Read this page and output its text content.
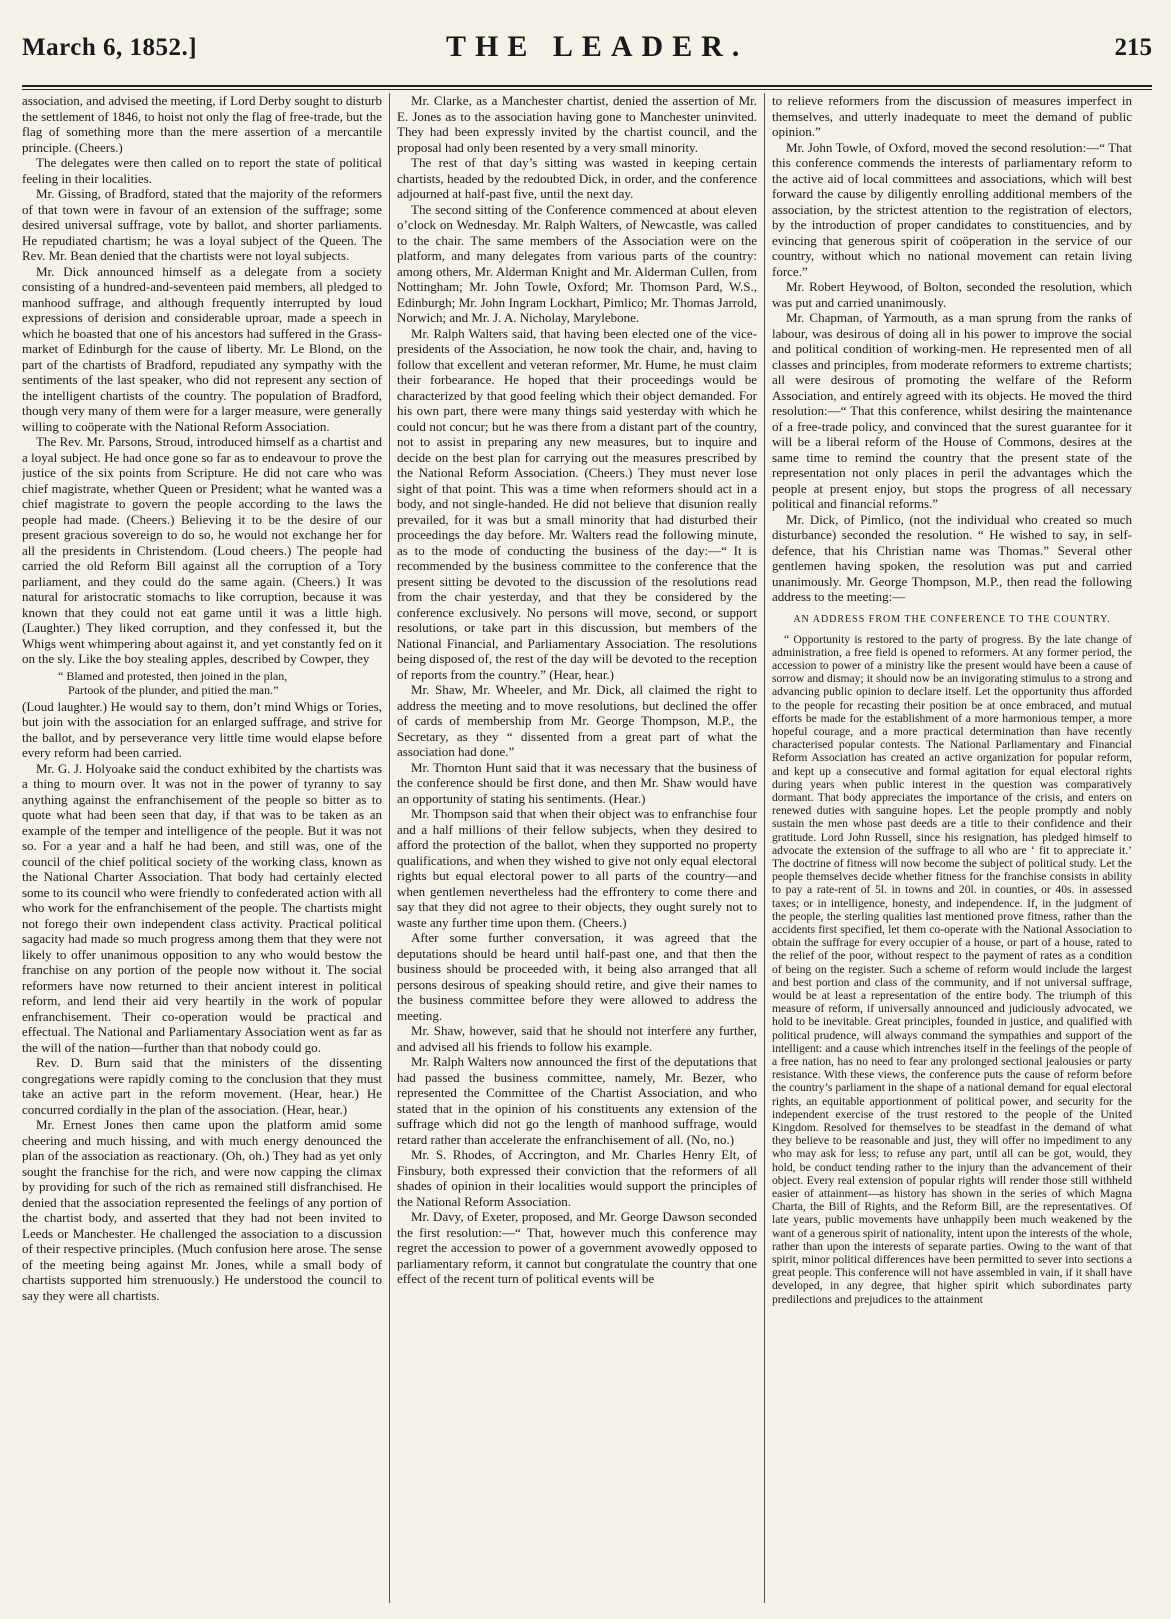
March 6, 1852.]	THE LEADER.	215

association, and advised the meeting, if Lord Derby sought to disturb the settlement of 1846, to hoist not only the flag of free-trade, but the flag of something more than the mere assertion of a mercantile principle. (Cheers.)

The delegates were then called on to report the state of political feeling in their localities.

Mr. Gissing, of Bradford, stated that the majority of the reformers of that town were in favour of an extension of the suffrage; some desired universal suffrage, vote by ballot, and shorter parliaments. He repudiated chartism; he was a loyal subject of the Queen. The Rev. Mr. Bean denied that the chartists were not loyal subjects.

Mr. Dick announced himself as a delegate from a society consisting of a hundred-and-seventeen paid members, all pledged to manhood suffrage, and although frequently interrupted by loud expressions of derision and considerable uproar, made a speech in which he boasted that one of his ancestors had suffered in the Grass-market of Edinburgh for the cause of liberty. Mr. Le Blond, on the part of the chartists of Bradford, repudiated any sympathy with the sentiments of the last speaker, who did not represent any section of the intelligent chartists of the country. The population of Bradford, though very many of them were for a larger measure, were generally willing to coöperate with the National Reform Association.

The Rev. Mr. Parsons, Stroud, introduced himself as a chartist and a loyal subject. He had once gone so far as to endeavour to prove the justice of the six points from Scripture. He did not care who was chief magistrate, whether Queen or President; what he wanted was a chief magistrate to govern the people according to the laws the people had made. (Cheers.) Believing it to be the desire of our present gracious sovereign to do so, he would not exchange her for all the presidents in Christendom. (Loud cheers.) The people had carried the old Reform Bill against all the corruption of a Tory parliament, and they could do the same again. (Cheers.) It was natural for aristocratic stomachs to like corruption, because it was known that they could not eat game until it was a little high. (Laughter.) They liked corruption, and they confessed it, but the Whigs went whimpering about against it, and yet constantly fed on it on the sly. Like the boy stealing apples, described by Cowper, they

“ Blamed and protested, then joined in the plan,
Partook of the plunder, and pitied the man.”

(Loud laughter.) He would say to them, don’t mind Whigs or Tories, but join with the association for an enlarged suffrage, and strive for the ballot, and by perseverance very little time would elapse before every reform had been carried.

Mr. G. J. Holyoake said the conduct exhibited by the chartists was a thing to mourn over. It was not in the power of tyranny to say anything against the enfranchisement of the people so bitter as to quote what had been seen that day, if that was to be taken as an example of the temper and intelligence of the people. But it was not so. For a year and a half he had been, and still was, one of the council of the chief political society of the working class, known as the National Charter Association. That body had certainly elected some to its council who were friendly to confederated action with all who work for the enfranchisement of the people. The chartists might not forego their own independent class activity. Practical political sagacity had made so much progress among them that they were not likely to offer unanimous opposition to any who would bestow the franchise on any portion of the people now without it. The social reformers have now returned to their ancient interest in political reform, and lend their aid very heartily in the work of popular enfranchisement. Their co-operation would be practical and effectual. The National and Parliamentary Association went as far as the will of the nation—further than that nobody could go.

Rev. D. Burn said that the ministers of the dissenting congregations were rapidly coming to the conclusion that they must take an active part in the reform movement. (Hear, hear.) He concurred cordially in the plan of the association. (Hear, hear.)

Mr. Ernest Jones then came upon the platform amid some cheering and much hissing, and with much energy denounced the plan of the association as reactionary. (Oh, oh.) They had as yet only sought the franchise for the rich, and were now capping the climax by providing for such of the rich as remained still disfranchised. He denied that the association represented the feelings of any portion of the chartist body, and asserted that they had not been invited to Leeds or Manchester. He challenged the association to a discussion of their respective principles. (Much confusion here arose. The sense of the meeting being against Mr. Jones, while a small body of chartists supported him strenuously.) He understood the council to say they were all chartists.

Mr. Clarke, as a Manchester chartist, denied the assertion of Mr. E. Jones as to the association having gone to Manchester uninvited. They had been expressly invited by the chartist council, and the proposal had only been resented by a very small minority.

The rest of that day’s sitting was wasted in keeping certain chartists, headed by the redoubted Dick, in order, and the conference adjourned at half-past five, until the next day.

The second sitting of the Conference commenced at about eleven o’clock on Wednesday. Mr. Ralph Walters, of Newcastle, was called to the chair. The same members of the Association were on the platform, and many delegates from various parts of the country: among others, Mr. Alderman Knight and Mr. Alderman Cullen, from Nottingham; Mr. John Towle, Oxford; Mr. Thomson Pard, W.S., Edinburgh; Mr. John Ingram Lockhart, Pimlico; Mr. Thomas Jarrold, Norwich; and Mr. J. A. Nicholay, Marylebone.

Mr. Ralph Walters said, that having been elected one of the vice-presidents of the Association, he now took the chair, and, having to follow that excellent and veteran reformer, Mr. Hume, he must claim their forbearance. He hoped that their proceedings would be characterized by that good feeling which their object demanded. For his own part, there were many things said yesterday with which he could not concur; but he was there from a distant part of the country, not to assist in preparing any new measures, but to inquire and decide on the best plan for carrying out the measures prescribed by the National Reform Association. (Cheers.) They must never lose sight of that point. This was a time when reformers should act in a body, and not single-handed. He did not believe that disunion really prevailed, for it was but a small minority that had disturbed their proceedings the day before. Mr. Walters read the following minute, as to the mode of conducting the business of the day:—“ It is recommended by the business committee to the conference that the present sitting be devoted to the discussion of the resolutions read from the chair yesterday, and that they be considered by the conference exclusively. No persons will move, second, or support resolutions, or take part in this discussion, but members of the National Financial, and Parliamentary Association. The resolutions being disposed of, the rest of the day will be devoted to the reception of reports from the country.” (Hear, hear.)

Mr. Shaw, Mr. Wheeler, and Mr. Dick, all claimed the right to address the meeting and to move resolutions, but declined the offer of cards of membership from Mr. George Thompson, M.P., the Secretary, as they “ dissented from a great part of what the association had done.”

Mr. Thornton Hunt said that it was necessary that the business of the conference should be first done, and then Mr. Shaw would have an opportunity of stating his sentiments. (Hear.)

Mr. Thompson said that when their object was to enfranchise four and a half millions of their fellow subjects, when they desired to afford the protection of the ballot, when they supported no property qualifications, and when they wished to give not only equal electoral rights but equal electoral power to all parts of the country—and when gentlemen nevertheless had the effrontery to come there and say that they did not agree to their objects, they ought surely not to waste any further time upon them. (Cheers.)

After some further conversation, it was agreed that the deputations should be heard until half-past one, and that then the business should be proceeded with, it being also arranged that all persons desirous of speaking should retire, and give their names to the business committee before they were allowed to address the meeting.

Mr. Shaw, however, said that he should not interfere any further, and advised all his friends to follow his example.

Mr. Ralph Walters now announced the first of the deputations that had passed the business committee, namely, Mr. Bezer, who represented the Committee of the Chartist Association, and who stated that in the opinion of his constituents any extension of the suffrage which did not go the length of manhood suffrage, would retard rather than accelerate the enfranchisement of all. (No, no.)

Mr. S. Rhodes, of Accrington, and Mr. Charles Henry Elt, of Finsbury, both expressed their conviction that the reformers of all shades of opinion in their localities would support the principles of the National Reform Association.

Mr. Davy, of Exeter, proposed, and Mr. George Dawson seconded the first resolution:—“ That, however much this conference may regret the accession to power of a government avowedly opposed to parliamentary reform, it cannot but congratulate the country that one effect of the recent turn of political events will be

to relieve reformers from the discussion of measures imperfect in themselves, and utterly inadequate to meet the demand of public opinion.”

Mr. John Towle, of Oxford, moved the second resolution:—“ That this conference commends the interests of parliamentary reform to the active aid of local committees and associations, which will best forward the cause by diligently enrolling additional members of the association, by the strictest attention to the registration of electors, by the introduction of proper candidates to constituencies, and by evincing that generous spirit of coöperation in the service of our country, without which no national movement can retain living force.”

Mr. Robert Heywood, of Bolton, seconded the resolution, which was put and carried unanimously.

Mr. Chapman, of Yarmouth, as a man sprung from the ranks of labour, was desirous of doing all in his power to improve the social and political condition of working-men. He represented men of all classes and principles, from moderate reformers to extreme chartists; all were desirous of promoting the welfare of the Reform Association, and entirely agreed with its objects. He moved the third resolution:—“ That this conference, whilst desiring the maintenance of a free-trade policy, and convinced that the surest guarantee for it will be a liberal reform of the House of Commons, desires at the same time to remind the country that the present state of the representation not only places in peril the advantages which the people at present enjoy, but stops the progress of all necessary political and financial reforms.”

Mr. Dick, of Pimlico, (not the individual who created so much disturbance) seconded the resolution. “ He wished to say, in self-defence, that his Christian name was Thomas.” Several other gentlemen having spoken, the resolution was put and carried unanimously. Mr. George Thompson, M.P., then read the following address to the meeting:—

AN ADDRESS FROM THE CONFERENCE TO THE COUNTRY.

“ Opportunity is restored to the party of progress. By the late change of administration, a free field is opened to reformers. At any former period, the accession to power of a ministry like the present would have been a cause of sorrow and dismay; it should now be an invigorating stimulus to a strong and advancing public opinion to declare itself. Let the opportunity thus afforded to the people for recasting their position be at once embraced, and mutual efforts be made for the establishment of a more harmonious temper, a more hopeful courage, and a more practical determination than have recently characterised popular contests. The National Parliamentary and Financial Reform Association has created an active organization for popular reform, and kept up a consecutive and formal agitation for equal electoral rights during years when public interest in the question was comparatively dormant. That body appreciates the importance of the crisis, and enters on renewed duties with sanguine hopes. Let the people promptly and nobly sustain the men whose past deeds are a title to their confidence and their gratitude. Lord John Russell, since his resignation, has pledged himself to advocate the extension of the suffrage to all who are ‘ fit to appreciate it.’ The doctrine of fitness will now become the subject of political study. Let the people themselves decide whether fitness for the franchise consists in ability to pay a rate-rent of 5l. in towns and 20l. in counties, or 40s. in assessed taxes; or in intelligence, honesty, and independence. If, in the judgment of the people, the sterling qualities last mentioned prove fitness, rather than the accidents first specified, let them co-operate with the National Association to obtain the suffrage for every occupier of a house, or part of a house, rated to the relief of the poor, without respect to the payment of rates as a condition of being on the register. Such a scheme of reform would include the largest and best portion and class of the community, and if not universal suffrage, would be at least a representation of the entire body. The triumph of this measure of reform, if universally announced and judiciously advocated, we hold to be inevitable. Great principles, founded in justice, and qualified with political prudence, will always command the sympathies and support of the intelligent: and a cause which intrenches itself in the feelings of the people of a free nation, has no need to fear any prolonged sectional jealousies or party resistance. With these views, the conference puts the cause of reform before the country’s parliament in the shape of a national demand for equal electoral rights, an equitable apportionment of political power, and security for the independent exercise of the trust restored to the people of the United Kingdom. Resolved for themselves to be steadfast in the demand of what they believe to be reasonable and just, they will offer no impediment to any who may ask for less; to refuse any part, until all can be got, would, they hold, be conduct tending rather to the injury than the advancement of their object. Every real extension of popular rights will render those still withheld easier of attainment—as history has shown in the series of which Magna Charta, the Bill of Rights, and the Reform Bill, are the representatives. Of late years, public movements have unhappily been much weakened by the want of a generous spirit of nationality, intent upon the interests of the whole, rather than upon the interests of separate parties. Owing to the want of that spirit, minor political differences have been permitted to sever into sections a great people. This conference will not have assembled in vain, if it shall have developed, in any degree, that higher spirit which subordinates party predilections and prejudices to the attainment
